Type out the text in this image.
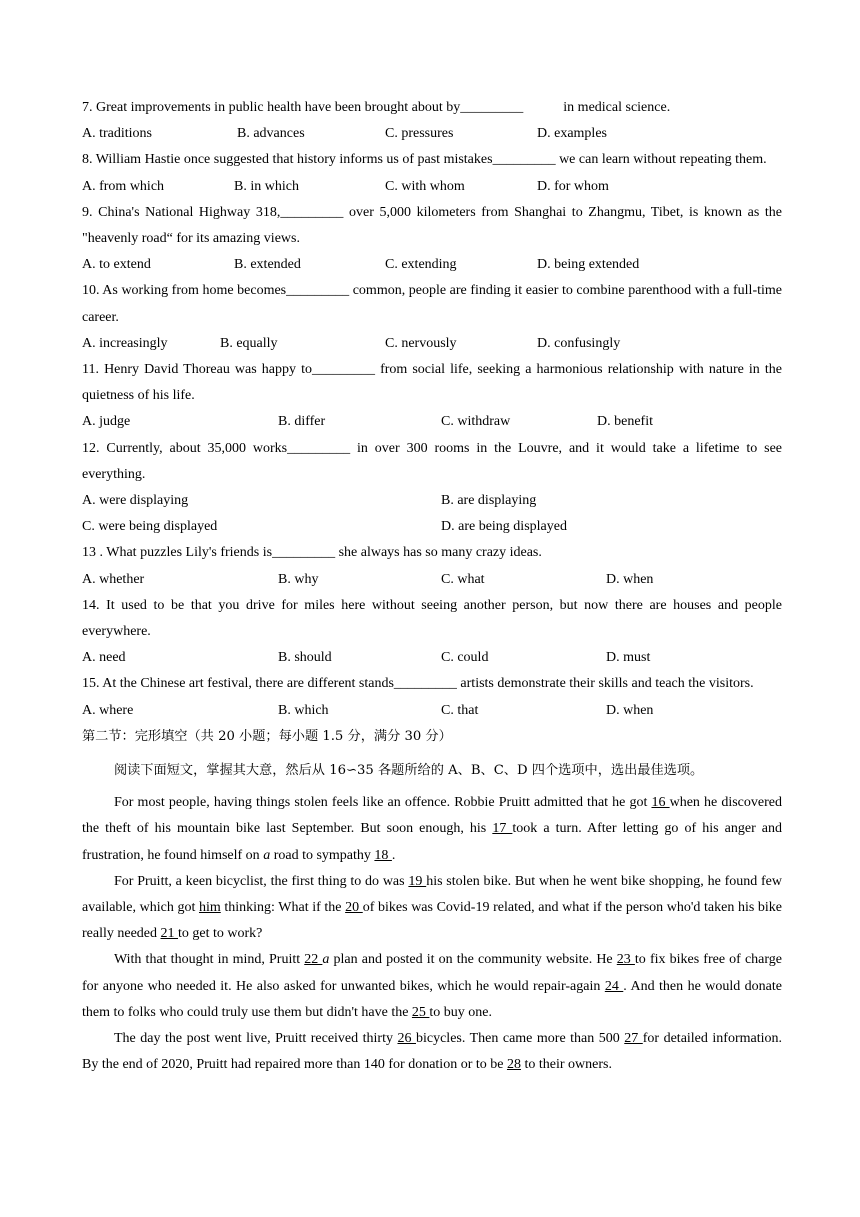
7. Great improvements in public health have been brought about by_________	in medical science.
A. traditions	B. advances	C. pressures	D. examples
8. William Hastie once suggested that history informs us of past mistakes_________ we can learn without repeating them.
A. from which	B. in which	C. with whom	D. for whom
9. China's National Highway 318,_________ over 5,000 kilometers from Shanghai to Zhangmu, Tibet, is known as the "heavenly road“ for its amazing views.
A. to extend	B. extended	C. extending	D. being extended
10. As working from home becomes_________ common, people are finding it easier to combine parenthood with a full-time career.
A. increasingly	B. equally	C. nervously	D. confusingly
11. Henry David Thoreau was happy to_________ from social life, seeking a harmonious relationship with nature in the quietness of his life.
A. judge	B. differ	C. withdraw	D. benefit
12. Currently, about 35,000 works_________ in over 300 rooms in the Louvre, and it would take a lifetime to see everything.
A. were displaying	B. are displaying
C. were being displayed	D. are being displayed
13 . What puzzles Lily's friends is_________ she always has so many crazy ideas.
A. whether	B. why	C. what	D. when
14. It used to be that you drive for miles here without seeing another person, but now there are houses and people everywhere.
A. need	B. should	C. could	D. must
15. At the Chinese art festival, there are different stands_________ artists demonstrate their skills and teach the visitors.
A. where	B. which	C. that	D. when
第二节：完形填空（共 20 小题；每小题 1.5 分，满分 30 分）
阅读下面短文，掌握其大意，然后从 16∽35 各题所给的 A、B、C、D 四个选项中，选出最佳选项。
For most people, having things stolen feels like an offence. Robbie Pruitt admitted that he got 16 when he discovered the theft of his mountain bike last September. But soon enough, his 17 took a turn. After letting go of his anger and frustration, he found himself on a road to sympathy 18 .
For Pruitt, a keen bicyclist, the first thing to do was 19 his stolen bike. But when he went bike shopping, he found few available, which got him thinking: What if the 20 of bikes was Covid-19 related, and what if the person who'd taken his bike really needed 21 to get to work?
With that thought in mind, Pruitt 22 a plan and posted it on the community website. He 23 to fix bikes free of charge for anyone who needed it. He also asked for unwanted bikes, which he would repair-again 24 . And then he would donate them to folks who could truly use them but didn't have the 25 to buy one.
The day the post went live, Pruitt received thirty 26 bicycles. Then came more than 500 27 for detailed information. By the end of 2020, Pruitt had repaired more than 140 for donation or to be 28 to their owners.
